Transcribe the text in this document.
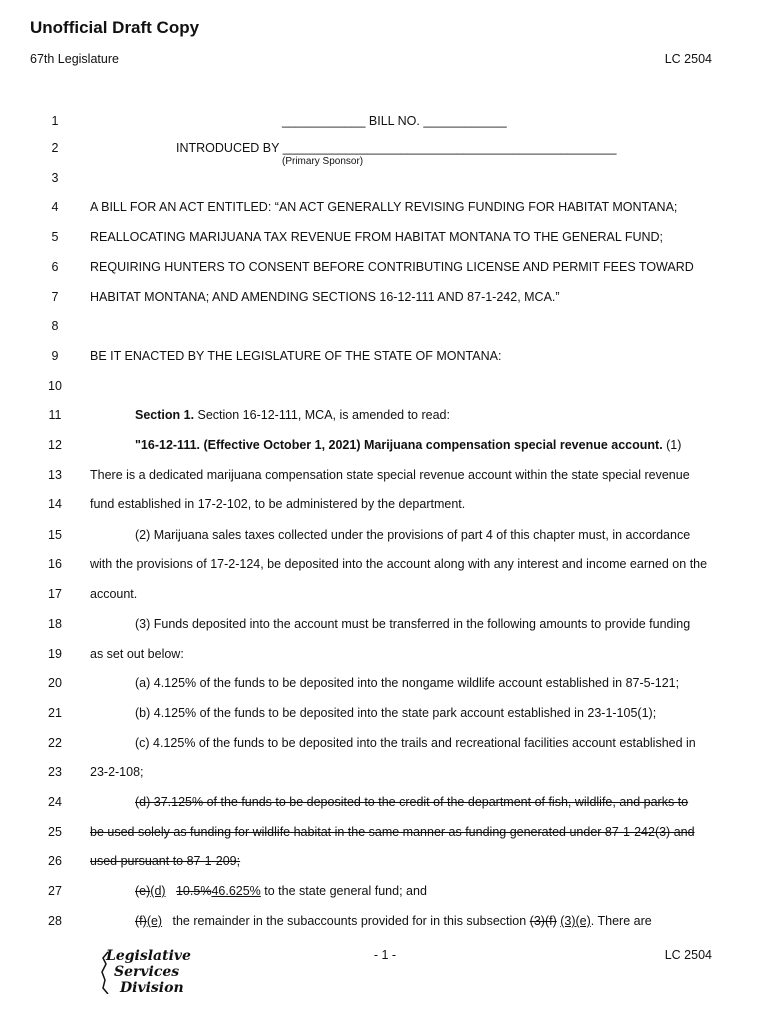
Unofficial Draft Copy
67th Legislature	LC 2504
1	____________ BILL NO. ____________
2	INTRODUCED BY ________________________________________________
(Primary Sponsor)
3
4	A BILL FOR AN ACT ENTITLED: “AN ACT GENERALLY REVISING FUNDING FOR HABITAT MONTANA;
5	REALLOCATING MARIJUANA TAX REVENUE FROM HABITAT MONTANA TO THE GENERAL FUND;
6	REQUIRING HUNTERS TO CONSENT BEFORE CONTRIBUTING LICENSE AND PERMIT FEES TOWARD
7	HABITAT MONTANA; AND AMENDING SECTIONS 16-12-111 AND 87-1-242, MCA.”
8
9	BE IT ENACTED BY THE LEGISLATURE OF THE STATE OF MONTANA:
10
11	Section 1. Section 16-12-111, MCA, is amended to read:
12	"16-12-111. (Effective October 1, 2021) Marijuana compensation special revenue account. (1)
13	There is a dedicated marijuana compensation state special revenue account within the state special revenue
14	fund established in 17-2-102, to be administered by the department.
15	(2) Marijuana sales taxes collected under the provisions of part 4 of this chapter must, in accordance
16	with the provisions of 17-2-124, be deposited into the account along with any interest and income earned on the
17	account.
18	(3) Funds deposited into the account must be transferred in the following amounts to provide funding
19	as set out below:
20	(a) 4.125% of the funds to be deposited into the nongame wildlife account established in 87-5-121;
21	(b) 4.125% of the funds to be deposited into the state park account established in 23-1-105(1);
22	(c) 4.125% of the funds to be deposited into the trails and recreational facilities account established in
23	23-2-108;
24	(d) 37.125% of the funds to be deposited to the credit of the department of fish, wildlife, and parks to
25	be used solely as funding for wildlife habitat in the same manner as funding generated under 87-1-242(3) and
26	used pursuant to 87-1-209;
27	(e)(d) 10.5%46.625% to the state general fund; and
28	(f)(e)   the remainder in the subaccounts provided for in this subsection (3)(f) (3)(e). There are
Legislative
Services
Division
- 1 -	LC 2504
